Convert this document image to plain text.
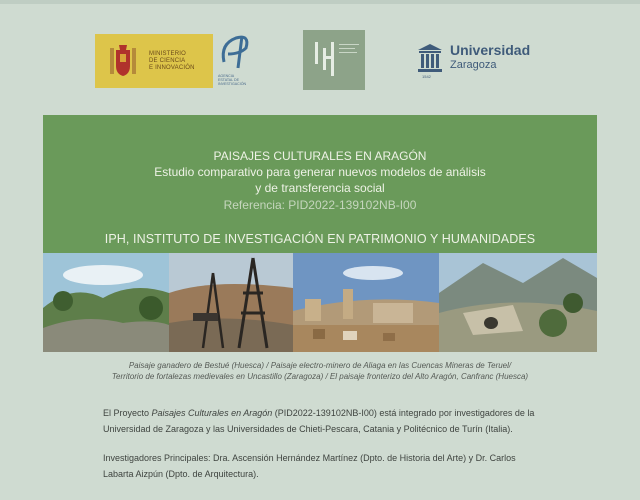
MINISTERIO
DE CIENCIA
E INNOVACIÓN
AGENCIA
ESTATAL DE
INVESTIGACIÓN
Universidad
Zaragoza
1542
PAISAJES CULTURALES EN ARAGÓN
Estudio comparativo para generar nuevos modelos de análisis
y de transferencia social
Referencia: PID2022-139102NB-I00
IPH, INSTITUTO DE INVESTIGACIÓN EN PATRIMONIO Y HUMANIDADES
Paisaje ganadero de Bestué (Huesca) / Paisaje electro-minero de Aliaga en las Cuencas Mineras de Teruel/
Territorio de fortalezas medievales en Uncastillo (Zaragoza) / El paisaje fronterizo del Alto Aragón, Canfranc (Huesca)
El Proyecto Paisajes Culturales en Aragón (PID2022-139102NB-I00) está integrado por investigadores de la Universidad de Zaragoza y las Universidades de Chieti-Pescara, Catania y Politécnico de Turín (Italia).
Investigadores Principales: Dra. Ascensión Hernández Martínez (Dpto. de Historia del Arte) y Dr. Carlos Labarta Aizpún (Dpto. de Arquitectura).
